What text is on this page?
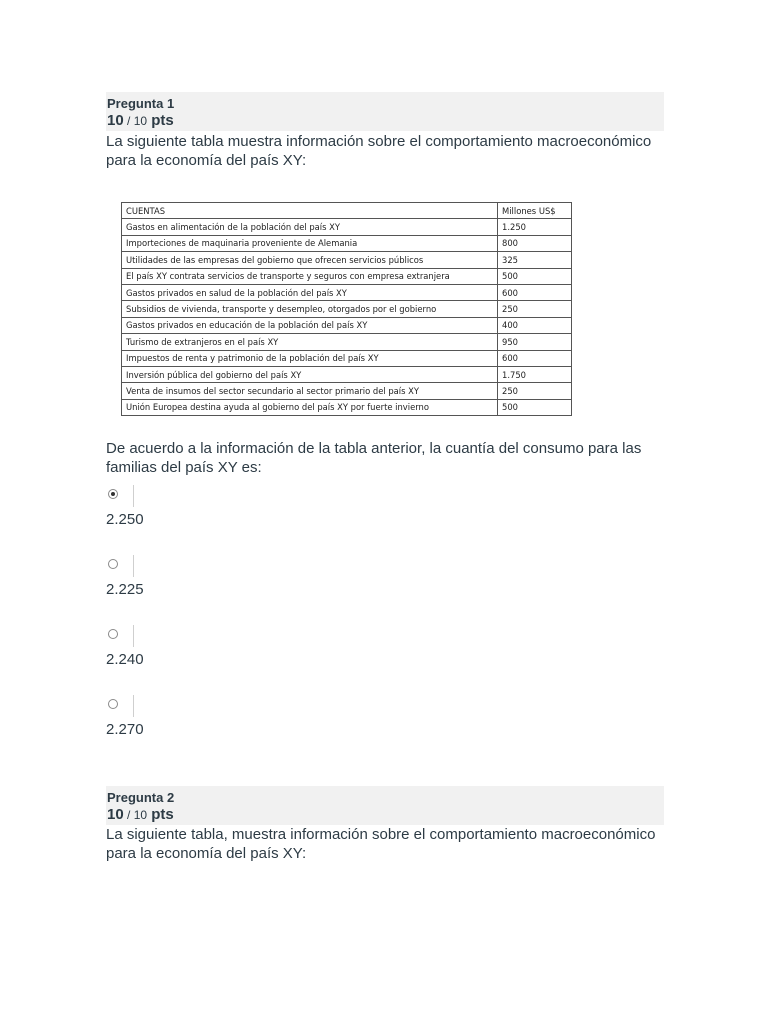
Pregunta 1
10 / 10 pts
La siguiente tabla muestra información sobre el comportamiento macroeconómico para la economía del país XY:
CUENTAS	Millones US$
Gastos en alimentación de la población del país XY	1.250
Importeciones de maquinaria proveniente de Alemania	800
Utilidades de las empresas del gobierno que ofrecen servicios públicos	325
El país XY contrata servicios de transporte y seguros con empresa extranjera	500
Gastos privados en salud de la población del país XY	600
Subsidios de vivienda, transporte y desempleo, otorgados por el gobierno	250
Gastos privados en educación de la población del país XY	400
Turismo de extranjeros en el país XY	950
Impuestos de renta y patrimonio de la población del país XY	600
Inversión pública del gobierno del país XY	1.750
Venta de insumos del sector secundario al sector primario del país XY	250
Unión Europea destina ayuda al gobierno del país XY por fuerte invierno	500
De acuerdo a la información de la tabla anterior, la cuantía del consumo para las familias del país XY es:
2.250
2.225
2.240
2.270
Pregunta 2
10 / 10 pts
La siguiente tabla, muestra información sobre el comportamiento macroeconómico para la economía del país XY:
